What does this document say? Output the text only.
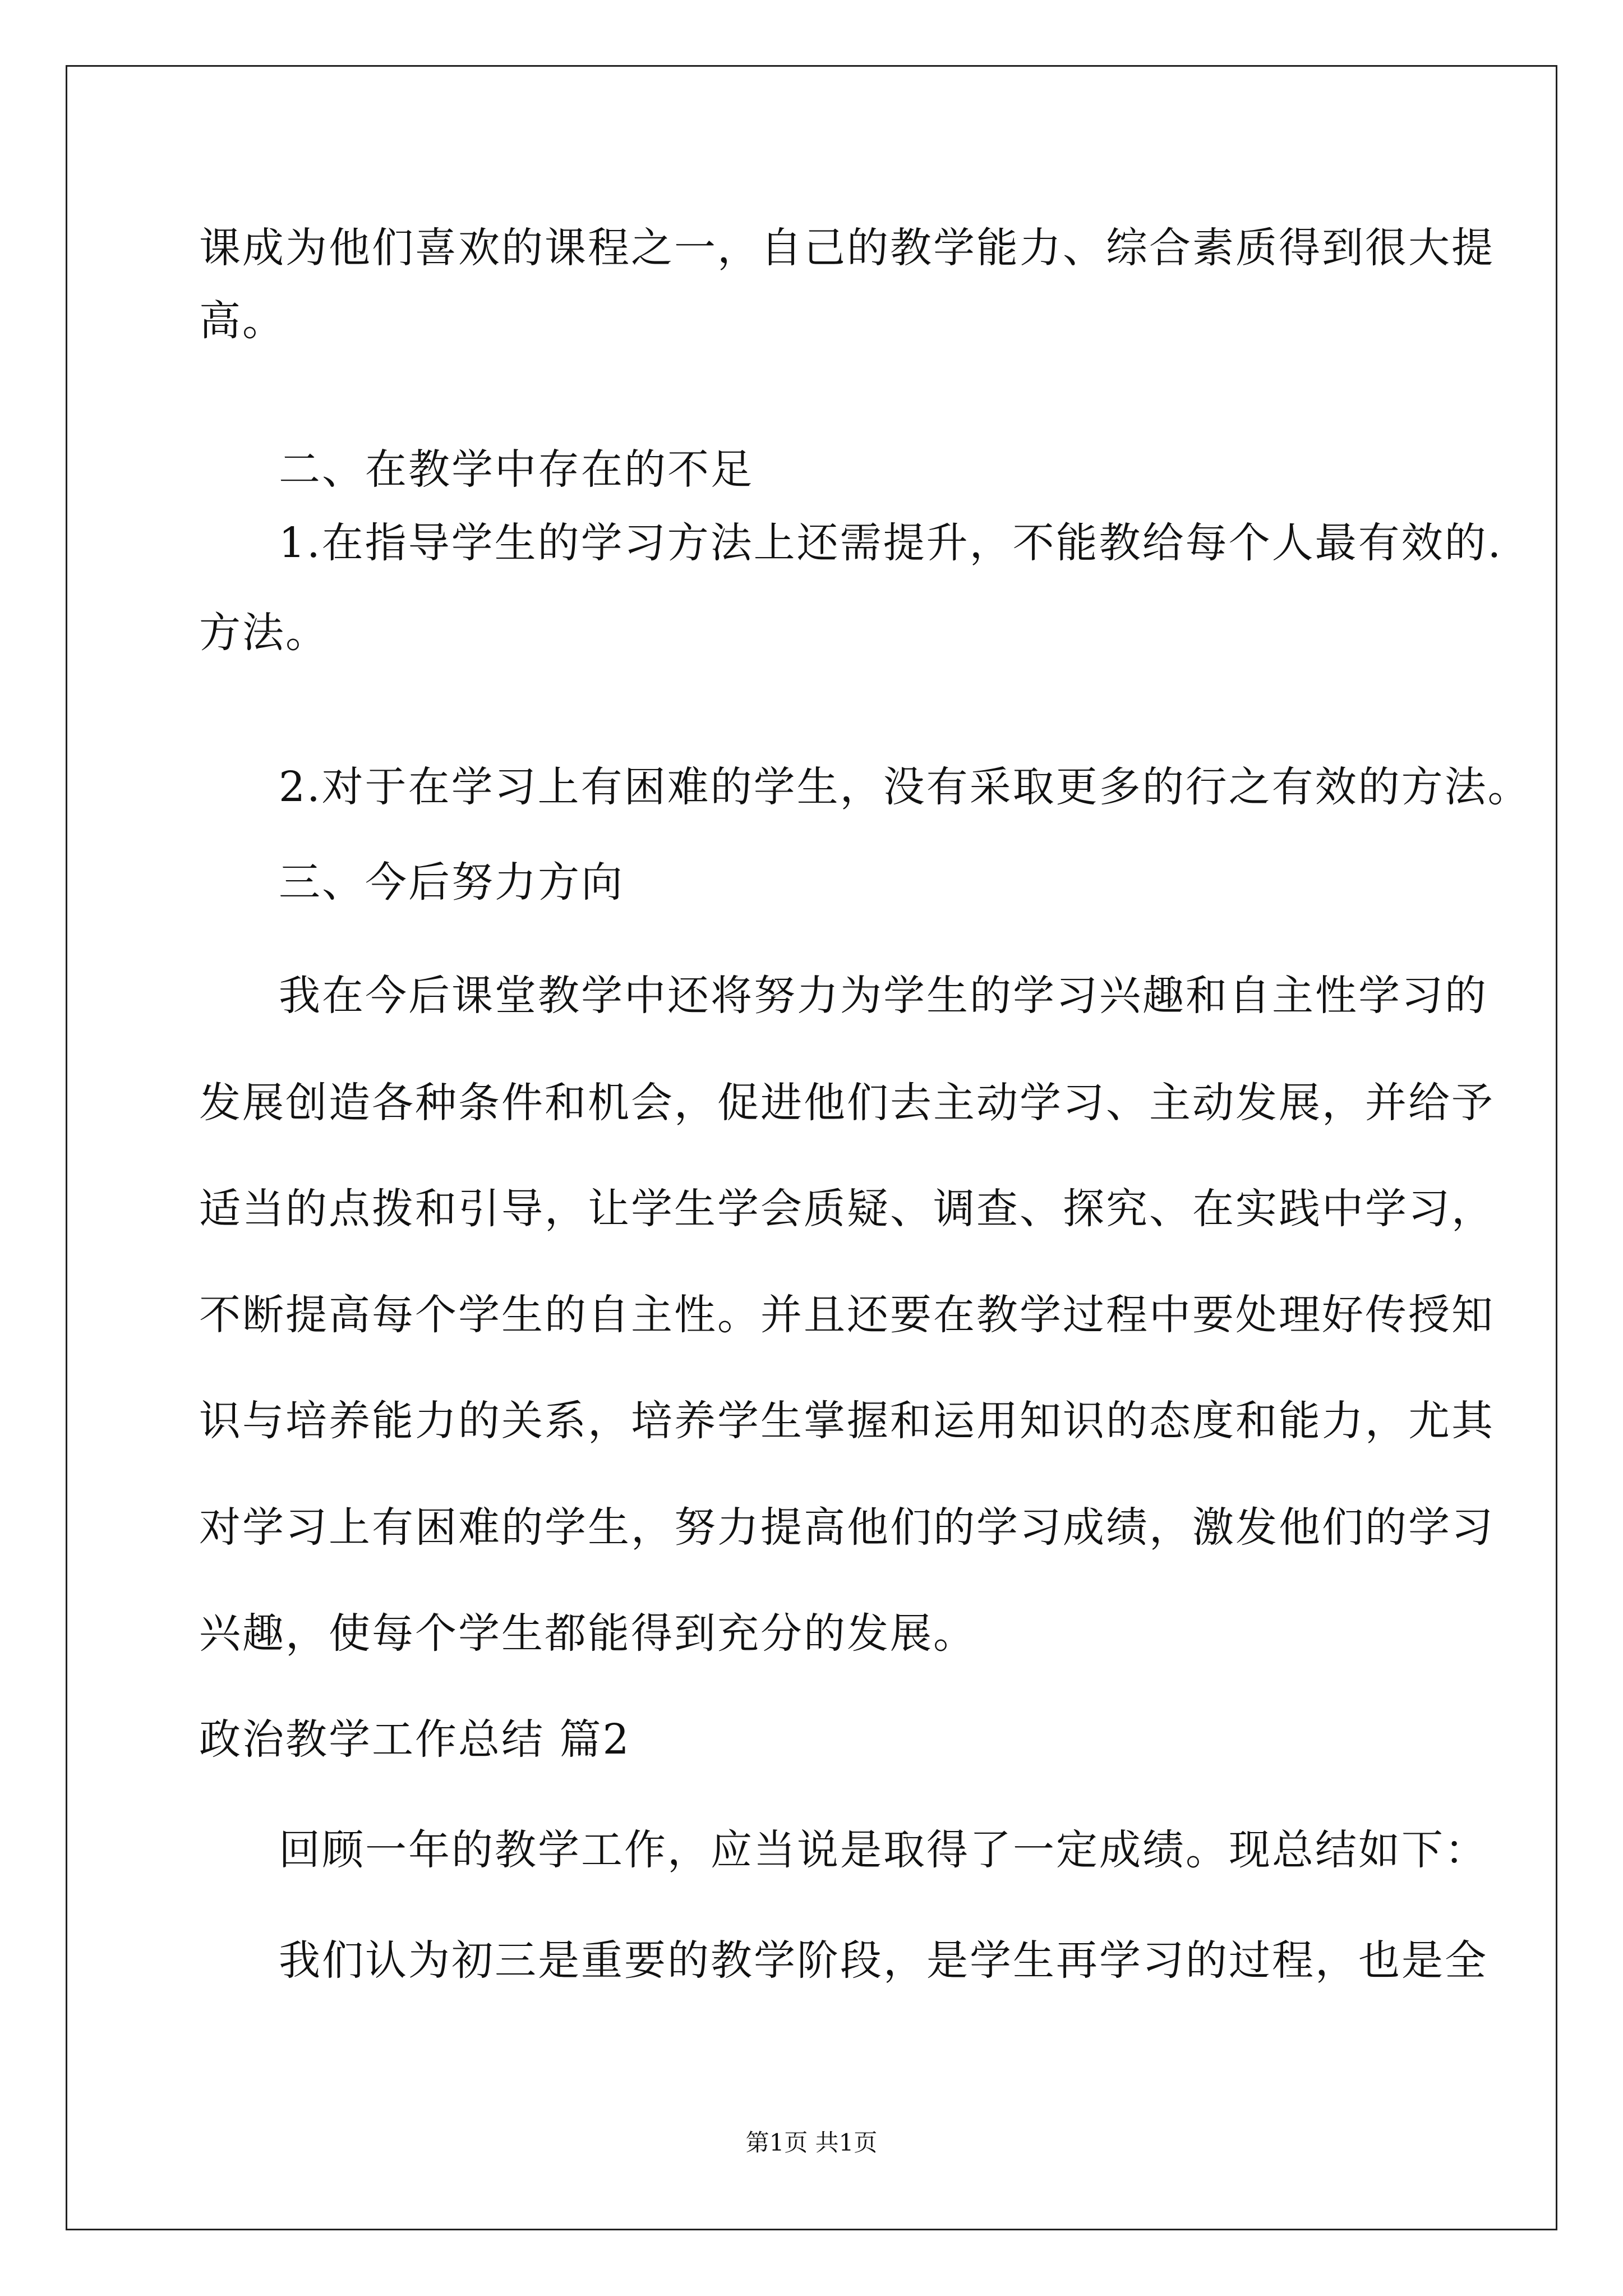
课成为他们喜欢的课程之一，自己的教学能力、综合素质得到很大提
高。
二、在教学中存在的不足
1.在指导学生的学习方法上还需提升，不能教给每个人最有效的.
方法。
2.对于在学习上有困难的学生，没有采取更多的行之有效的方法。
三、今后努力方向
我在今后课堂教学中还将努力为学生的学习兴趣和自主性学习的
发展创造各种条件和机会，促进他们去主动学习、主动发展，并给予
适当的点拨和引导，让学生学会质疑、调查、探究、在实践中学习，
不断提高每个学生的自主性。并且还要在教学过程中要处理好传授知
识与培养能力的关系，培养学生掌握和运用知识的态度和能力，尤其
对学习上有困难的学生，努力提高他们的学习成绩，激发他们的学习
兴趣，使每个学生都能得到充分的发展。
政治教学工作总结 篇2
回顾一年的教学工作，应当说是取得了一定成绩。现总结如下：
我们认为初三是重要的教学阶段，是学生再学习的过程，也是全
第1页 共1页
